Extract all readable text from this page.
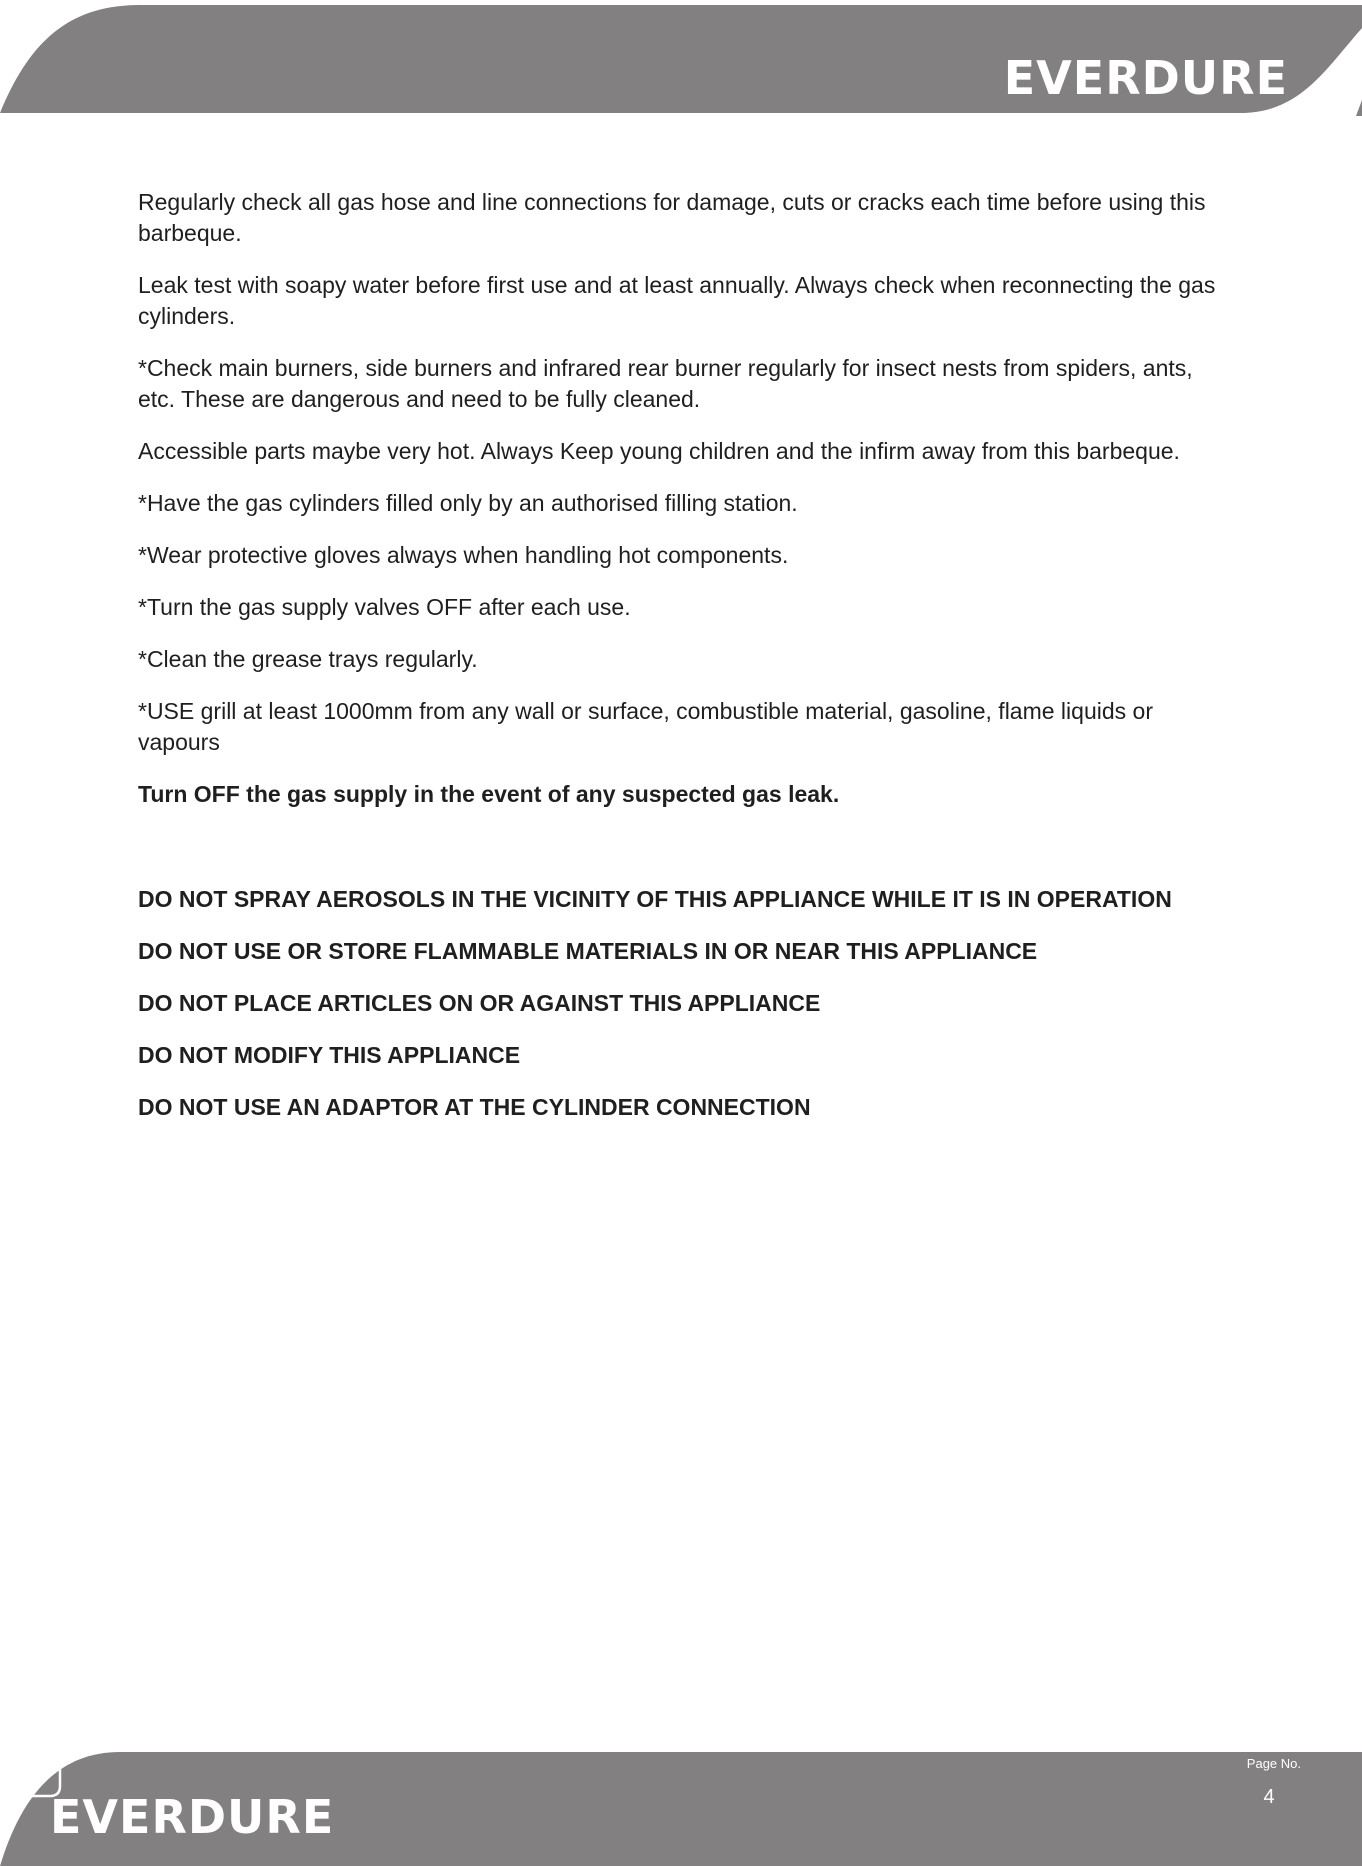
EVERDURE

Regularly check all gas hose and line connections for damage, cuts or cracks each time before using this barbeque.

Leak test with soapy water before first use and at least annually. Always check when reconnecting the gas cylinders.

*Check main burners, side burners and infrared rear burner regularly for insect nests from spiders, ants, etc. These are dangerous and need to be fully cleaned.

Accessible parts maybe very hot. Always Keep young children and the infirm away from this barbeque.

*Have the gas cylinders filled only by an authorised filling station.

*Wear protective gloves always when handling hot components.

*Turn the gas supply valves OFF after each use.

*Clean the grease trays regularly.

*USE grill at least 1000mm from any wall or surface, combustible material, gasoline, flame liquids or vapours

Turn OFF the gas supply in the event of any suspected gas leak.

DO NOT SPRAY AEROSOLS IN THE VICINITY OF THIS APPLIANCE WHILE IT IS IN OPERATION

DO NOT USE OR STORE FLAMMABLE MATERIALS IN OR NEAR THIS APPLIANCE

DO NOT PLACE ARTICLES ON OR AGAINST THIS APPLIANCE

DO NOT MODIFY THIS APPLIANCE

DO NOT USE AN ADAPTOR AT THE CYLINDER CONNECTION

EVERDURE
Page No.
4
